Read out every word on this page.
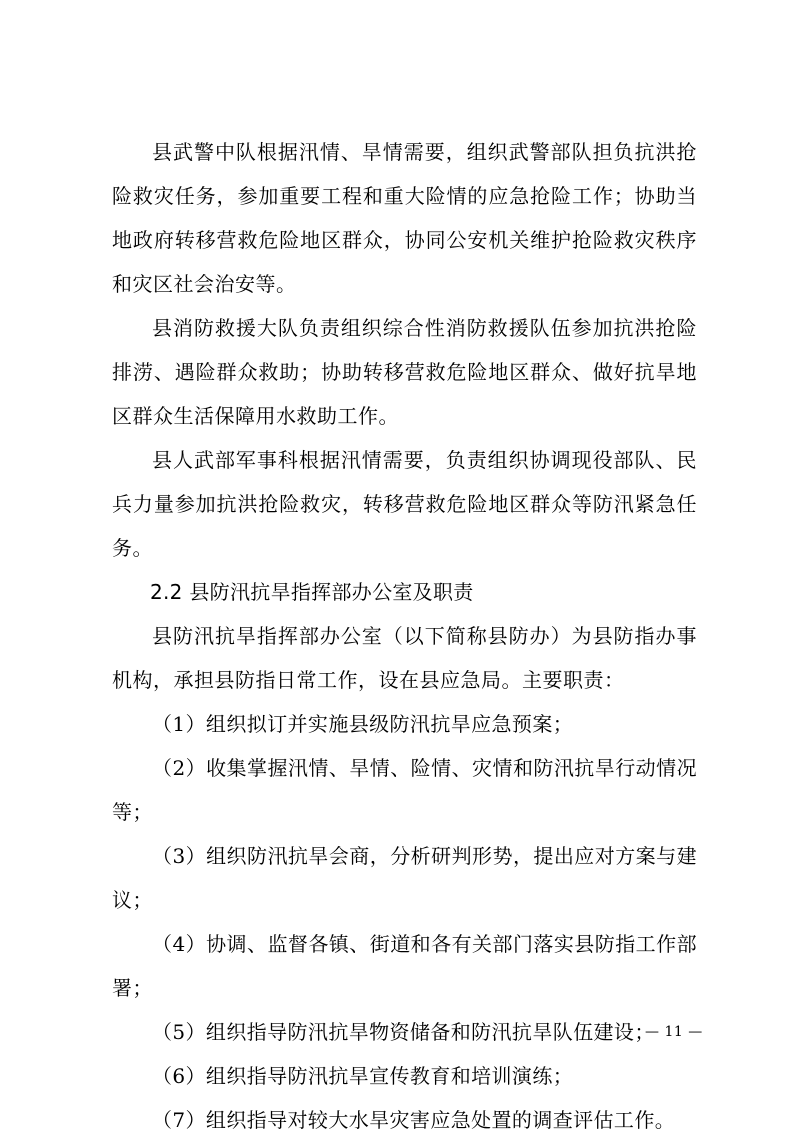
县武警中队根据汛情、旱情需要，组织武警部队担负抗洪抢险救灾任务，参加重要工程和重大险情的应急抢险工作；协助当地政府转移营救危险地区群众，协同公安机关维护抢险救灾秩序和灾区社会治安等。

县消防救援大队负责组织综合性消防救援队伍参加抗洪抢险排涝、遇险群众救助；协助转移营救危险地区群众、做好抗旱地区群众生活保障用水救助工作。

县人武部军事科根据汛情需要，负责组织协调现役部队、民兵力量参加抗洪抢险救灾，转移营救危险地区群众等防汛紧急任务。

2.2 县防汛抗旱指挥部办公室及职责

县防汛抗旱指挥部办公室（以下简称县防办）为县防指办事机构，承担县防指日常工作，设在县应急局。主要职责：

（1）组织拟订并实施县级防汛抗旱应急预案；

（2）收集掌握汛情、旱情、险情、灾情和防汛抗旱行动情况等；

（3）组织防汛抗旱会商，分析研判形势，提出应对方案与建议；

（4）协调、监督各镇、街道和各有关部门落实县防指工作部署；

（5）组织指导防汛抗旱物资储备和防汛抗旱队伍建设；

（6）组织指导防汛抗旱宣传教育和培训演练；

（7）组织指导对较大水旱灾害应急处置的调查评估工作。

— 11 —
